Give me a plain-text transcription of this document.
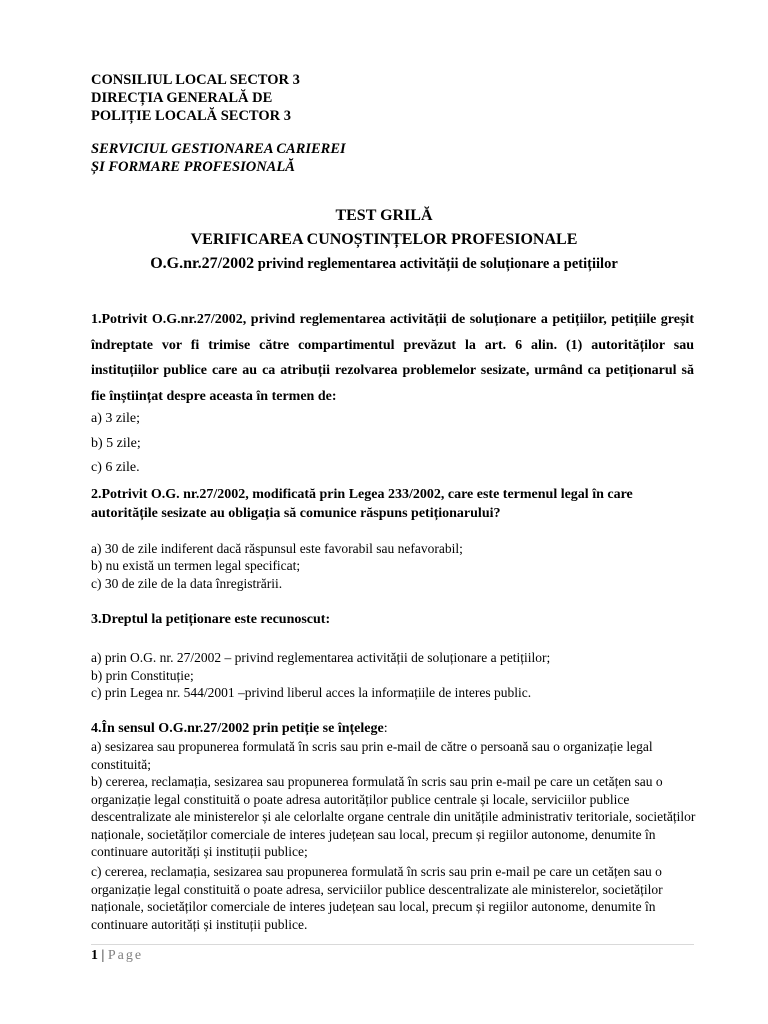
CONSILIUL LOCAL SECTOR 3
DIRECȚIA GENERALĂ DE
POLIȚIE LOCALĂ SECTOR 3
SERVICIUL GESTIONAREA CARIEREI
ȘI FORMARE PROFESIONALĂ
TEST GRILĂ
VERIFICAREA CUNOȘTINȚELOR PROFESIONALE
O.G.nr.27/2002 privind reglementarea activității de soluționare a petițiilor
1.Potrivit O.G.nr.27/2002, privind reglementarea activității de soluționare a petițiilor, petițiile greșit îndreptate vor fi trimise către compartimentul prevăzut la art. 6 alin. (1) autorităților sau instituțiilor publice care au ca atribuții rezolvarea problemelor sesizate, urmând ca petiționarul să fie înștiințat despre aceasta în termen de:
a) 3 zile;
b) 5 zile;
c) 6 zile.
2.Potrivit O.G. nr.27/2002, modificată prin Legea 233/2002, care este termenul legal în care autoritățile sesizate au obligația să comunice răspuns petiționarului?
a) 30 de zile indiferent dacă răspunsul este favorabil sau nefavorabil;
b) nu există un termen legal specificat;
c) 30 de zile de la data înregistrării.
3.Dreptul la petiționare este recunoscut:
a) prin O.G. nr. 27/2002 – privind reglementarea activității de soluționare a petițiilor;
b) prin Constituție;
c) prin Legea nr. 544/2001 –privind liberul acces la informațiile de interes public.
4.În sensul O.G.nr.27/2002 prin petiție se înțelege:
a) sesizarea sau propunerea formulată în scris sau prin e-mail de către o persoană sau o organizație legal constituită;
b) cererea, reclamația, sesizarea sau propunerea formulată în scris sau prin e-mail pe care un cetățen sau o organizație legal constituită o poate adresa autorităților publice centrale și locale, serviciilor publice descentralizate ale ministerelor și ale celorlalte organe centrale din unitățile administrativ teritoriale, societăților naționale, societăților comerciale de interes județean sau local, precum și regiilor autonome, denumite în continuare autorități și instituții publice;
c) cererea, reclamația, sesizarea sau propunerea formulată în scris sau prin e-mail pe care un cetățen sau o organizație legal constituită o poate adresa, serviciilor publice descentralizate ale ministerelor, societăților naționale, societăților comerciale de interes județean sau local, precum și regiilor autonome, denumite în continuare autorități și instituții publice.
1 | Page
